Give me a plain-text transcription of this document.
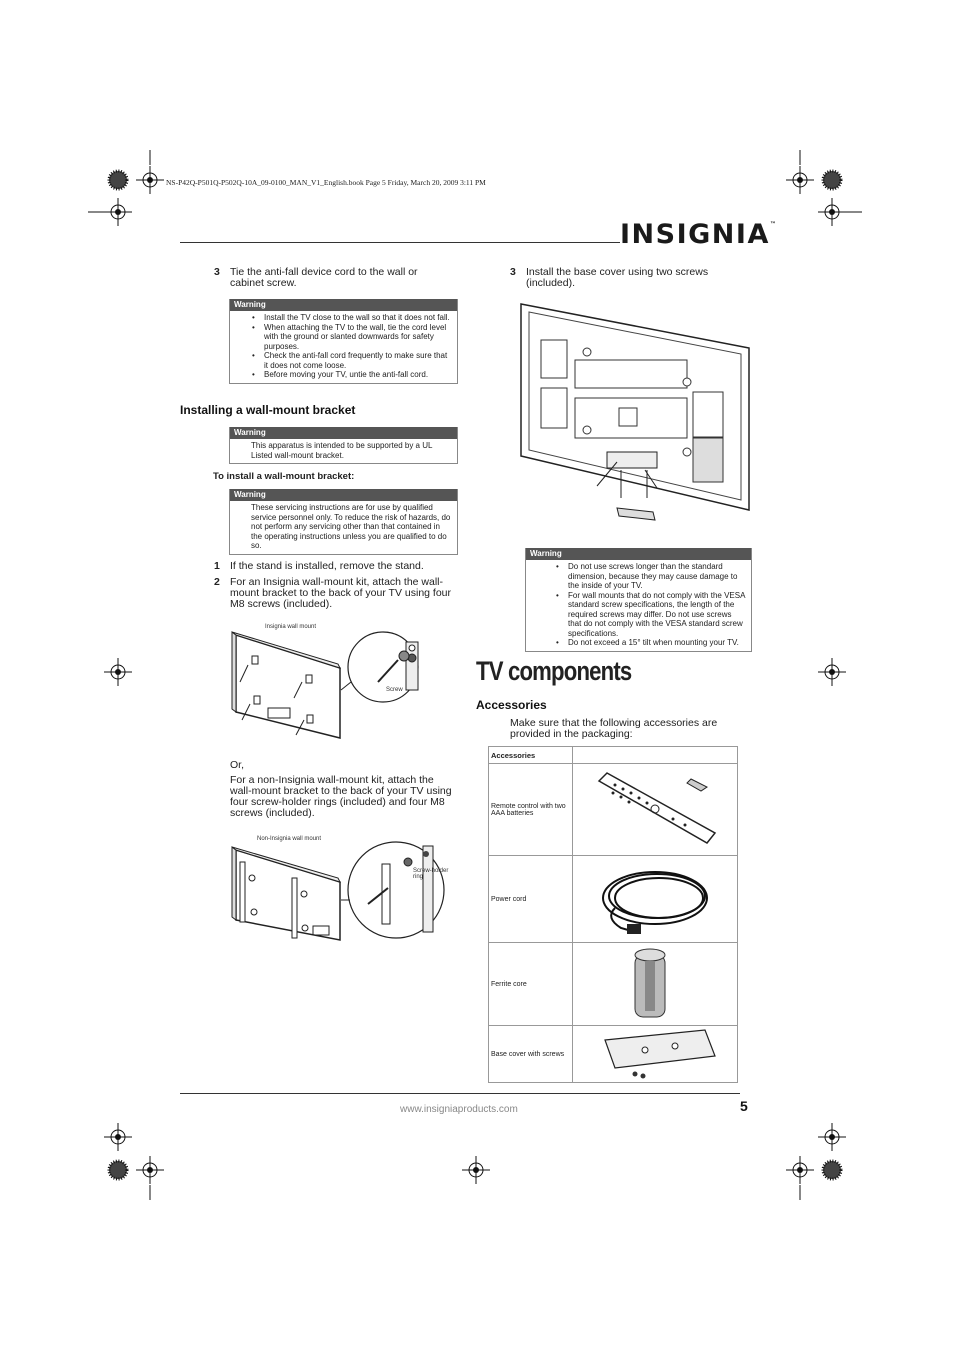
NS-P42Q-P501Q-P502Q-10A_09-0100_MAN_V1_English.book Page 5 Friday, March 20, 2009 3:11 PM
INSIGNIA™
3 Tie the anti-fall device cord to the wall or cabinet screw.
Warning
• Install the TV close to the wall so that it does not fall.
• When attaching the TV to the wall, tie the cord level with the ground or slanted downwards for safety purposes.
• Check the anti-fall cord frequently to make sure that it does not come loose.
• Before moving your TV, untie the anti-fall cord.
Installing a wall-mount bracket
Warning
This apparatus is intended to be supported by a UL Listed wall-mount bracket.
To install a wall-mount bracket:
Warning
These servicing instructions are for use by qualified service personnel only. To reduce the risk of hazards, do not perform any servicing other than that contained in the operating instructions unless you are qualified to do so.
1 If the stand is installed, remove the stand.
2 For an Insignia wall-mount kit, attach the wall-mount bracket to the back of your TV using four M8 screws (included).
Insignia wall mount
Screw
Or,
For a non-Insignia wall-mount kit, attach the wall-mount bracket to the back of your TV using four screw-holder rings (included) and four M8 screws (included).
Non-Insignia wall mount
Screw-holder ring
3 Install the base cover using two screws (included).
Warning
• Do not use screws longer than the standard dimension, because they may cause damage to the inside of your TV.
• For wall mounts that do not comply with the VESA standard screw specifications, the length of the required screws may differ. Do not use screws that do not comply with the VESA standard screw specifications.
• Do not exceed a 15° tilt when mounting your TV.
TV components
Accessories
Make sure that the following accessories are provided in the packaging:
Accessories	
Remote control with two AAA batteries	
Power cord	
Ferrite core	
Base cover with screws	
www.insigniaproducts.com	5
